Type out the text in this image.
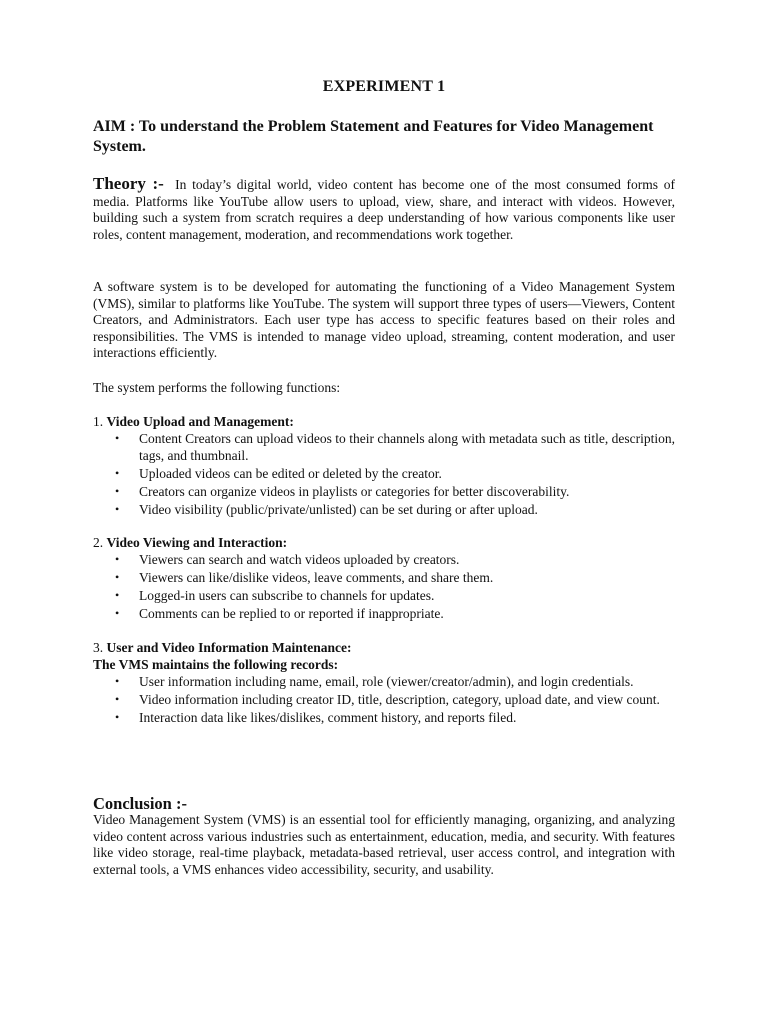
EXPERIMENT 1
AIM : To understand the Problem Statement and Features for Video Management System.
Theory :- In today’s digital world, video content has become one of the most consumed forms of media. Platforms like YouTube allow users to upload, view, share, and interact with videos. However, building such a system from scratch requires a deep understanding of how various components like user roles, content management, moderation, and recommendations work together.
A software system is to be developed for automating the functioning of a Video Management System (VMS), similar to platforms like YouTube. The system will support three types of users—Viewers, Content Creators, and Administrators. Each user type has access to specific features based on their roles and responsibilities. The VMS is intended to manage video upload, streaming, content moderation, and user interactions efficiently.
The system performs the following functions:

1. Video Upload and Management:

• Content Creators can upload videos to their channels along with metadata such as title, description, tags, and thumbnail.
• Uploaded videos can be edited or deleted by the creator.
• Creators can organize videos in playlists or categories for better discoverability.
• Video visibility (public/private/unlisted) can be set during or after upload.

2. Video Viewing and Interaction:

• Viewers can search and watch videos uploaded by creators.
• Viewers can like/dislike videos, leave comments, and share them.
• Logged-in users can subscribe to channels for updates.
• Comments can be replied to or reported if inappropriate.

3. User and Video Information Maintenance:

The VMS maintains the following records:

• User information including name, email, role (viewer/creator/admin), and login credentials.
• Video information including creator ID, title, description, category, upload date, and view count.
• Interaction data like likes/dislikes, comment history, and reports filed.
Conclusion :-
Video Management System (VMS) is an essential tool for efficiently managing, organizing, and analyzing video content across various industries such as entertainment, education, media, and security. With features like video storage, real-time playback, metadata-based retrieval, user access control, and integration with external tools, a VMS enhances video accessibility, security, and usability.
